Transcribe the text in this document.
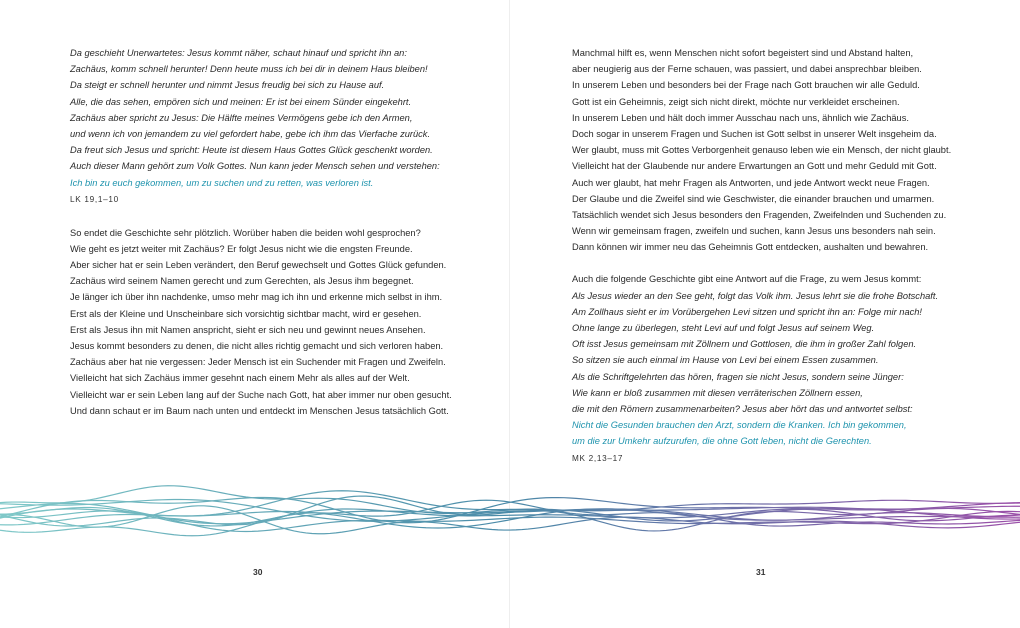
Da geschieht Unerwartetes: Jesus kommt näher, schaut hinauf und spricht ihn an:
Zachäus, komm schnell herunter! Denn heute muss ich bei dir in deinem Haus bleiben!
Da steigt er schnell herunter und nimmt Jesus freudig bei sich zu Hause auf.
Alle, die das sehen, empören sich und meinen: Er ist bei einem Sünder eingekehrt.
Zachäus aber spricht zu Jesus: Die Hälfte meines Vermögens gebe ich den Armen,
und wenn ich von jemandem zu viel gefordert habe, gebe ich ihm das Vierfache zurück.
Da freut sich Jesus und spricht: Heute ist diesem Haus Gottes Glück geschenkt worden.
Auch dieser Mann gehört zum Volk Gottes. Nun kann jeder Mensch sehen und verstehen:
Ich bin zu euch gekommen, um zu suchen und zu retten, was verloren ist.
LK 19,1–10
So endet die Geschichte sehr plötzlich. Worüber haben die beiden wohl gesprochen?
Wie geht es jetzt weiter mit Zachäus? Er folgt Jesus nicht wie die engsten Freunde.
Aber sicher hat er sein Leben verändert, den Beruf gewechselt und Gottes Glück gefunden.
Zachäus wird seinem Namen gerecht und zum Gerechten, als Jesus ihm begegnet.
Je länger ich über ihn nachdenke, umso mehr mag ich ihn und erkenne mich selbst in ihm.
Erst als der Kleine und Unscheinbare sich vorsichtig sichtbar macht, wird er gesehen.
Erst als Jesus ihn mit Namen anspricht, sieht er sich neu und gewinnt neues Ansehen.
Jesus kommt besonders zu denen, die nicht alles richtig gemacht und sich verloren haben.
Zachäus aber hat nie vergessen: Jeder Mensch ist ein Suchender mit Fragen und Zweifeln.
Vielleicht hat sich Zachäus immer gesehnt nach einem Mehr als alles auf der Welt.
Vielleicht war er sein Leben lang auf der Suche nach Gott, hat aber immer nur oben gesucht.
Und dann schaut er im Baum nach unten und entdeckt im Menschen Jesus tatsächlich Gott.
Manchmal hilft es, wenn Menschen nicht sofort begeistert sind und Abstand halten,
aber neugierig aus der Ferne schauen, was passiert, und dabei ansprechbar bleiben.
In unserem Leben und besonders bei der Frage nach Gott brauchen wir alle Geduld.
Gott ist ein Geheimnis, zeigt sich nicht direkt, möchte nur verkleidet erscheinen.
In unserem Leben und hält doch immer Ausschau nach uns, ähnlich wie Zachäus.
Doch sogar in unserem Fragen und Suchen ist Gott selbst in unserer Welt insgeheim da.
Wer glaubt, muss mit Gottes Verborgenheit genauso leben wie ein Mensch, der nicht glaubt.
Vielleicht hat der Glaubende nur andere Erwartungen an Gott und mehr Geduld mit Gott.
Auch wer glaubt, hat mehr Fragen als Antworten, und jede Antwort weckt neue Fragen.
Der Glaube und die Zweifel sind wie Geschwister, die einander brauchen und umarmen.
Tatsächlich wendet sich Jesus besonders den Fragenden, Zweifelnden und Suchenden zu.
Wenn wir gemeinsam fragen, zweifeln und suchen, kann Jesus uns besonders nah sein.
Dann können wir immer neu das Geheimnis Gott entdecken, aushalten und bewahren.
Auch die folgende Geschichte gibt eine Antwort auf die Frage, zu wem Jesus kommt:
Als Jesus wieder an den See geht, folgt das Volk ihm. Jesus lehrt sie die frohe Botschaft.
Am Zollhaus sieht er im Vorübergehen Levi sitzen und spricht ihn an: Folge mir nach!
Ohne lange zu überlegen, steht Levi auf und folgt Jesus auf seinem Weg.
Oft isst Jesus gemeinsam mit Zöllnern und Gottlosen, die ihm in großer Zahl folgen.
So sitzen sie auch einmal im Hause von Levi bei einem Essen zusammen.
Als die Schriftgelehrten das hören, fragen sie nicht Jesus, sondern seine Jünger:
Wie kann er bloß zusammen mit diesen verräterischen Zöllnern essen,
die mit den Römern zusammenarbeiten? Jesus aber hört das und antwortet selbst:
Nicht die Gesunden brauchen den Arzt, sondern die Kranken. Ich bin gekommen,
um die zur Umkehr aufzurufen, die ohne Gott leben, nicht die Gerechten.
MK 2,13–17
30	31
